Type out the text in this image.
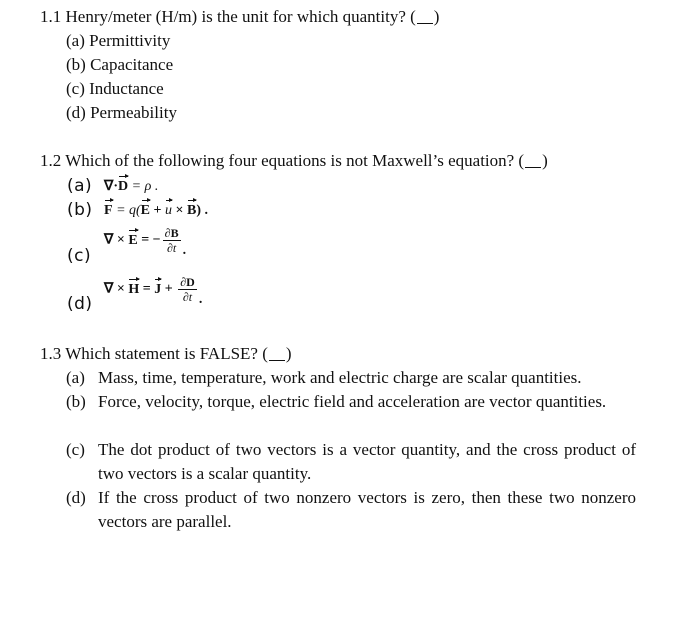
1.1 Henry/meter (H/m) is the unit for which quantity? ( )
(a) Permittivity
(b) Capacitance
(c) Inductance
(d) Permeability
1.2 Which of the following four equations is not Maxwell’s equation? ( )
(a) ∇·D = ρ .
(b) F = q(E + u × B) .
(c)
∇ × E = − $\frac{\partial B}{\partial t}$ .
(d)
∇ × $H = J + \frac{\partial D}{\partial t}$ .
1.3 Which statement is FALSE? ( )
(a) Mass, time, temperature, work and electric charge are scalar quantities.
(b) Force, velocity, torque, electric field and acceleration are vector quantities.
(c) The dot product of two vectors is a vector quantity, and the cross product of two vectors is a scalar quantity.
(d) If the cross product of two nonzero vectors is zero, then these two nonzero vectors are parallel.
